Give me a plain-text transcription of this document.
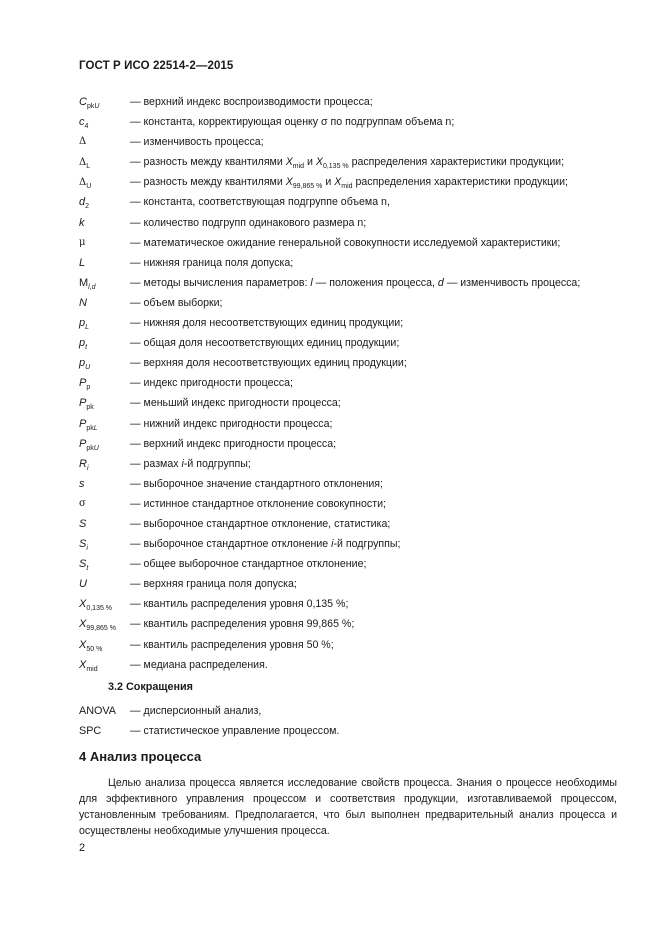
ГОСТ Р ИСО 22514-2—2015
$C_{pkU}$	— верхний индекс воспроизводимости процесса;
$c_4$	— константа, корректирующая оценку σ по подгруппам объема n;
Δ	— изменчивость процесса;
$\Delta_L$	— разность между квантилями $X_{mid}$ и $X_{0,135 \%}$ распределения характеристики продукции;
$\Delta_U$	— разность между квантилями $X_{99,865 \%}$ и $X_{mid}$ распределения характеристики продукции;
$d_2$	— константа, соответствующая подгруппе объема n,
k	— количество подгрупп одинакового размера n;
μ	— математическое ожидание генеральной совокупности исследуемой характеристики;
L	— нижняя граница поля допуска;
$M_{l,d}$	— методы вычисления параметров: l — положения процесса, d — изменчивость процесса;
N	— объем выборки;
$p_L$	— нижняя доля несоответствующих единиц продукции;
$p_t$	— общая доля несоответствующих единиц продукции;
$p_U$	— верхняя доля несоответствующих единиц продукции;
$P_p$	— индекс пригодности процесса;
$P_{pk}$	— меньший индекс пригодности процесса;
$P_{pkL}$	— нижний индекс пригодности процесса;
$P_{pkU}$	— верхний индекс пригодности процесса;
$R_i$	— размах i-й подгруппы;
s	— выборочное значение стандартного отклонения;
σ	— истинное стандартное отклонение совокупности;
S	— выборочное стандартное отклонение, статистика;
$S_i$	— выборочное стандартное отклонение i-й подгруппы;
$S_t$	— общее выборочное стандартное отклонение;
U	— верхняя граница поля допуска;
$X_{0,135 \%}$ — квантиль распределения уровня 0,135 %;
$X_{99,865 \%}$ — квантиль распределения уровня 99,865 %;
$X_{50 \%}$	— квантиль распределения уровня 50 %;
$X_{mid}$	— медиана распределения.
3.2 Сокращения
ANOVA — дисперсионный анализ,
SPC	— статистическое управление процессом.
4 Анализ процесса
Целью анализа процесса является исследование свойств процесса. Знания о процессе необходимы для эффективного управления процессом и соответствия продукции, изготавливаемой процессом, установленным требованиям. Предполагается, что был выполнен предварительный анализ процесса и осуществлены необходимые улучшения процесса.
2
